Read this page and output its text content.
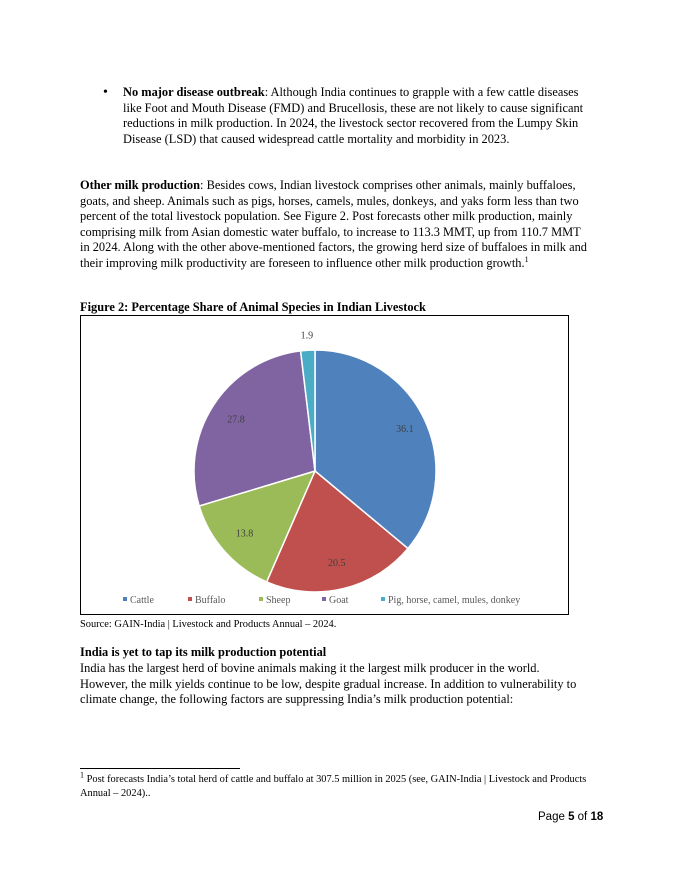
• No major disease outbreak: Although India continues to grapple with a few cattle diseases like Foot and Mouth Disease (FMD) and Brucellosis, these are not likely to cause significant reductions in milk production. In 2024, the livestock sector recovered from the Lumpy Skin Disease (LSD) that caused widespread cattle mortality and morbidity in 2023.
Other milk production: Besides cows, Indian livestock comprises other animals, mainly buffaloes, goats, and sheep. Animals such as pigs, horses, camels, mules, donkeys, and yaks form less than two percent of the total livestock population. See Figure 2. Post forecasts other milk production, mainly comprising milk from Asian domestic water buffalo, to increase to 113.3 MMT, up from 110.7 MMT in 2024. Along with the other above-mentioned factors, the growing herd size of buffaloes in milk and their improving milk productivity are foreseen to influence other milk production growth.$^1$
Figure 2: Percentage Share of Animal Species in Indian Livestock
36.1
20.5
13.8
27.8
1.9
Cattle	Buffalo	Sheep	Goat	Pig, horse, camel, mules, donkey
Source: GAIN-India | Livestock and Products Annual – 2024.
India is yet to tap its milk production potential
India has the largest herd of bovine animals making it the largest milk producer in the world. However, the milk yields continue to be low, despite gradual increase. In addition to vulnerability to climate change, the following factors are suppressing India’s milk production potential:
$^1$ Post forecasts India’s total herd of cattle and buffalo at 307.5 million in 2025 (see, GAIN-India | Livestock and Products Annual – 2024)..
Page 5 of 18
